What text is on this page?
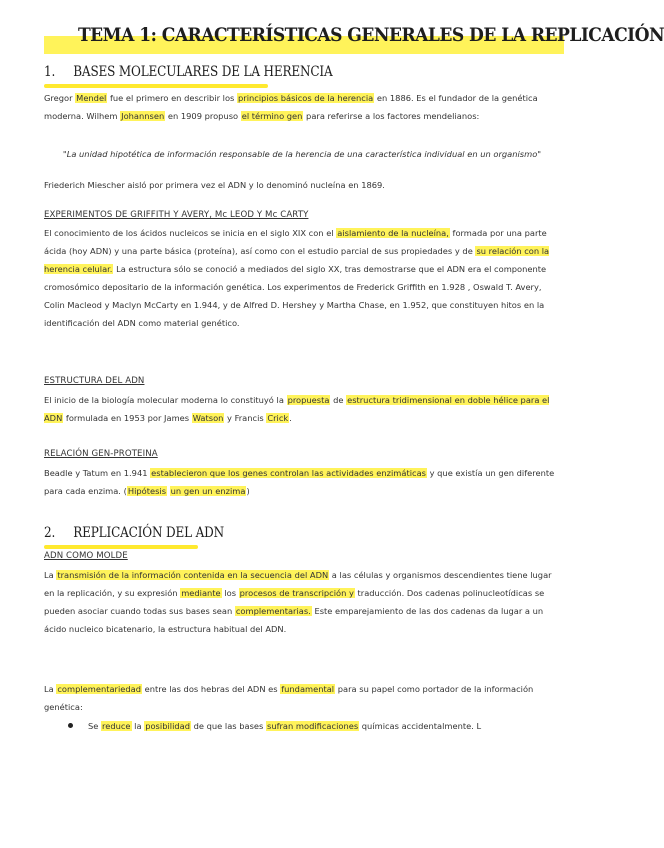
TEMA 1: CARACTERÍSTICAS GENERALES DE LA REPLICACIÓN
1. BASES MOLECULARES DE LA HERENCIA
Gregor Mendel fue el primero en describir los principios básicos de la herencia en 1886. Es el fundador de la genética moderna. Wilhem Johannsen en 1909 propuso el término gen para referirse a los factores mendelianos:
"La unidad hipotética de información responsable de la herencia de una característica individual en un organismo"
Friederich Miescher aisló por primera vez el ADN y lo denominó nucleína en 1869.
EXPERIMENTOS DE GRIFFITH Y AVERY, Mc LEOD Y Mc CARTY
El conocimiento de los ácidos nucleicos se inicia en el siglo XIX con el aislamiento de la nucleína, formada por una parte ácida (hoy ADN) y una parte básica (proteína), así como con el estudio parcial de sus propiedades y de su relación con la herencia celular. La estructura sólo se conoció a mediados del siglo XX, tras demostrarse que el ADN era el componente cromosómico depositario de la información genética. Los experimentos de Frederick Griffith en 1.928 , Oswald T. Avery, Colin Macleod y Maclyn McCarty en 1.944, y de Alfred D. Hershey y Martha Chase, en 1.952, que constituyen hitos en la identificación del ADN como material genético.
ESTRUCTURA DEL ADN
El inicio de la biología molecular moderna lo constituyó la propuesta de estructura tridimensional en doble hélice para el ADN formulada en 1953 por James Watson y Francis Crick.
RELACIÓN GEN-PROTEINA
Beadle y Tatum en 1.941 establecieron que los genes controlan las actividades enzimáticas y que existía un gen diferente para cada enzima. (Hipótesis un gen un enzima)
2. REPLICACIÓN DEL ADN
ADN COMO MOLDE
La transmisión de la información contenida en la secuencia del ADN a las células y organismos descendientes tiene lugar en la replicación, y su expresión mediante los procesos de transcripción y traducción. Dos cadenas polinucleotídicas se pueden asociar cuando todas sus bases sean complementarias. Este emparejamiento de las dos cadenas da lugar a un ácido nucleico bicatenario, la estructura habitual del ADN.
La complementariedad entre las dos hebras del ADN es fundamental para su papel como portador de la información genética:
Se reduce la posibilidad de que las bases sufran modificaciones químicas accidentalmente. L
